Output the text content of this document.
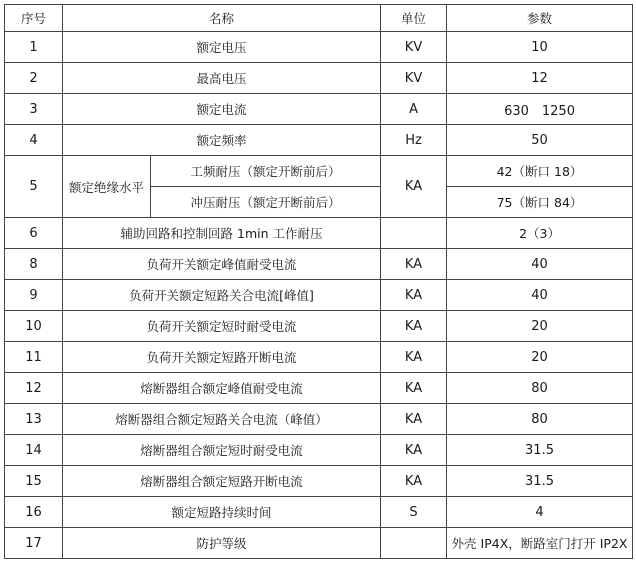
序号	名称		单位	参数
1	额定电压		KV	10
2	最高电压		KV	12
3	额定电流		A	630　1250
4	额定频率		Hz	50
5	额定绝缘水平	工频耐压（额定开断前后）	KA	42（断口 18）
		冲压耐压（额定开断前后）		75（断口 84）
6	辅助回路和控制回路 1min 工作耐压			2（3）
8	负荷开关额定峰值耐受电流		KA	40
9	负荷开关额定短路关合电流[峰值]		KA	40
10	负荷开关额定短时耐受电流		KA	20
11	负荷开关额定短路开断电流		KA	20
12	熔断器组合额定峰值耐受电流		KA	80
13	熔断器组合额定短路关合电流（峰值）		KA	80
14	熔断器组合额定短时耐受电流		KA	31.5
15	熔断器组合额定短路开断电流		KA	31.5
16	额定短路持续时间		S	4
17	防护等级			外壳 IP4X，断路室门打开 IP2X
